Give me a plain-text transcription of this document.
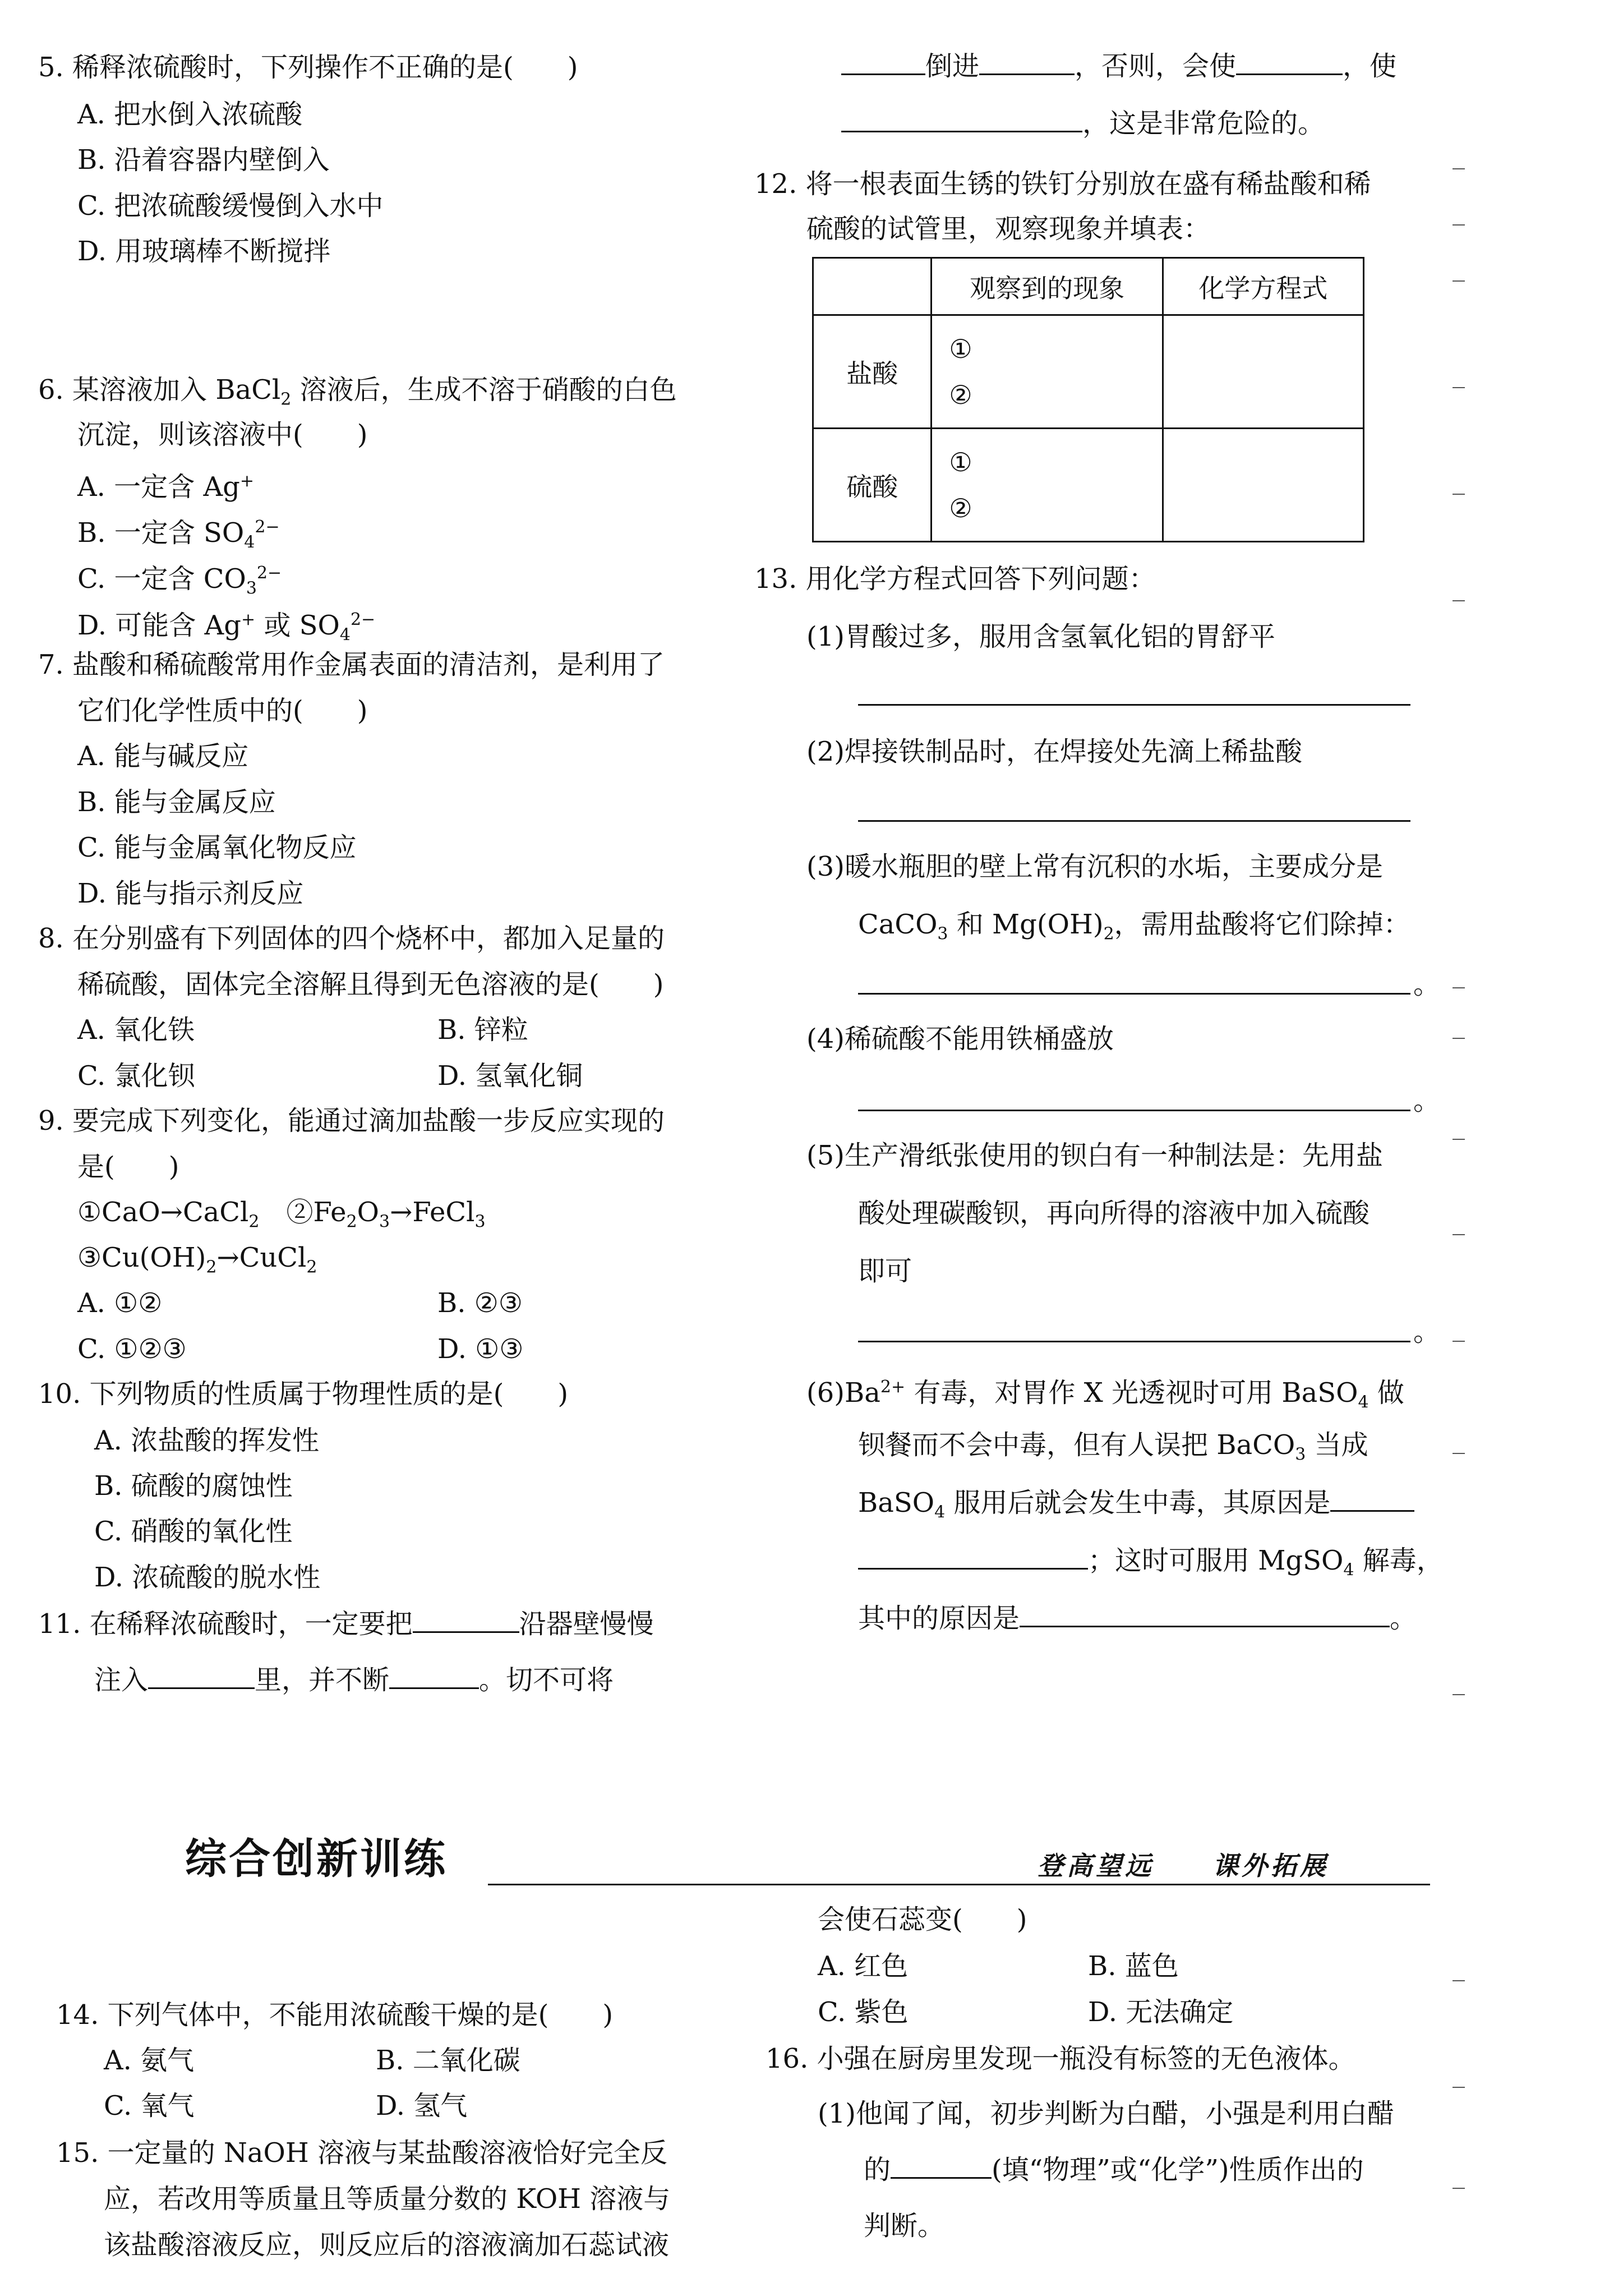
5. 稀释浓硫酸时，下列操作不正确的是(　　)
A. 把水倒入浓硫酸
B. 沿着容器内壁倒入
C. 把浓硫酸缓慢倒入水中
D. 用玻璃棒不断搅拌
6. 某溶液加入 BaCl$_2$ 溶液后，生成不溶于硝酸的白色
沉淀，则该溶液中(　　)
A. 一定含 Ag+
B. 一定含 $SO_4^{2-}$
C. 一定含 $CO_3^{2-}$
D. 可能含 Ag+ 或 $SO_4^{2-}$
7. 盐酸和稀硫酸常用作金属表面的清洁剂，是利用了
它们化学性质中的(　　)
A. 能与碱反应
B. 能与金属反应
C. 能与金属氧化物反应
D. 能与指示剂反应
8. 在分别盛有下列固体的四个烧杯中，都加入足量的
稀硫酸，固体完全溶解且得到无色溶液的是(　　)
A. 氧化铁	B. 锌粒
C. 氯化钡	D. 氢氧化铜
9. 要完成下列变化，能通过滴加盐酸一步反应实现的
是(　　)
①CaO→CaCl$_2$　$②Fe_2O_3\to FeCl_3$
$③Cu(OH)_2\to CuCl_2$
A. ①②	B. ②③
C. ①②③	D. ①③
10. 下列物质的性质属于物理性质的是(　　)
A. 浓盐酸的挥发性
B. 硫酸的腐蚀性
C. 硝酸的氧化性
D. 浓硫酸的脱水性
11. 在稀释浓硫酸时，一定要把	沿器壁慢慢
注入	里，并不断	。切不可将
倒进	，否则，会使	，使
，这是非常危险的。
12. 将一根表面生锈的铁钉分别放在盛有稀盐酸和稀
硫酸的试管里，观察现象并填表：
	观察到的现象	化学方程式
盐酸	①
②	

硫酸	①
②	

13. 用化学方程式回答下列问题：
(1)胃酸过多，服用含氢氧化铝的胃舒平
(2)焊接铁制品时，在焊接处先滴上稀盐酸
(3)暖水瓶胆的壁上常有沉积的水垢，主要成分是
CaCO$_3$ 和 $Mg(OH)_2$，需用盐酸将它们除掉：
。
(4)稀硫酸不能用铁桶盛放
。
(5)生产滑纸张使用的钡白有一种制法是：先用盐
酸处理碳酸钡，再向所得的溶液中加入硫酸
即可
。
$(6)Ba^{2+}$ 有毒，对胃作 X 光透视时可用 BaSO$_4$ 做
钡餐而不会中毒，但有人误把 BaCO$_3$ 当成
BaSO$_4$ 服用后就会发生中毒，其原因是
；这时可服用 MgSO$_4$ 解毒，
其中的原因是	。
综合创新训练	登高望远　　课外拓展
14. 下列气体中，不能用浓硫酸干燥的是(　　)
A. 氨气	B. 二氧化碳
C. 氧气	D. 氢气
15. 一定量的 NaOH 溶液与某盐酸溶液恰好完全反
应，若改用等质量且等质量分数的 KOH 溶液与
该盐酸溶液反应，则反应后的溶液滴加石蕊试液
会使石蕊变(　　)
A. 红色	B. 蓝色
C. 紫色	D. 无法确定
16. 小强在厨房里发现一瓶没有标签的无色液体。
(1)他闻了闻，初步判断为白醋，小强是利用白醋
的	(填“物理”或“化学”)性质作出的
判断。
